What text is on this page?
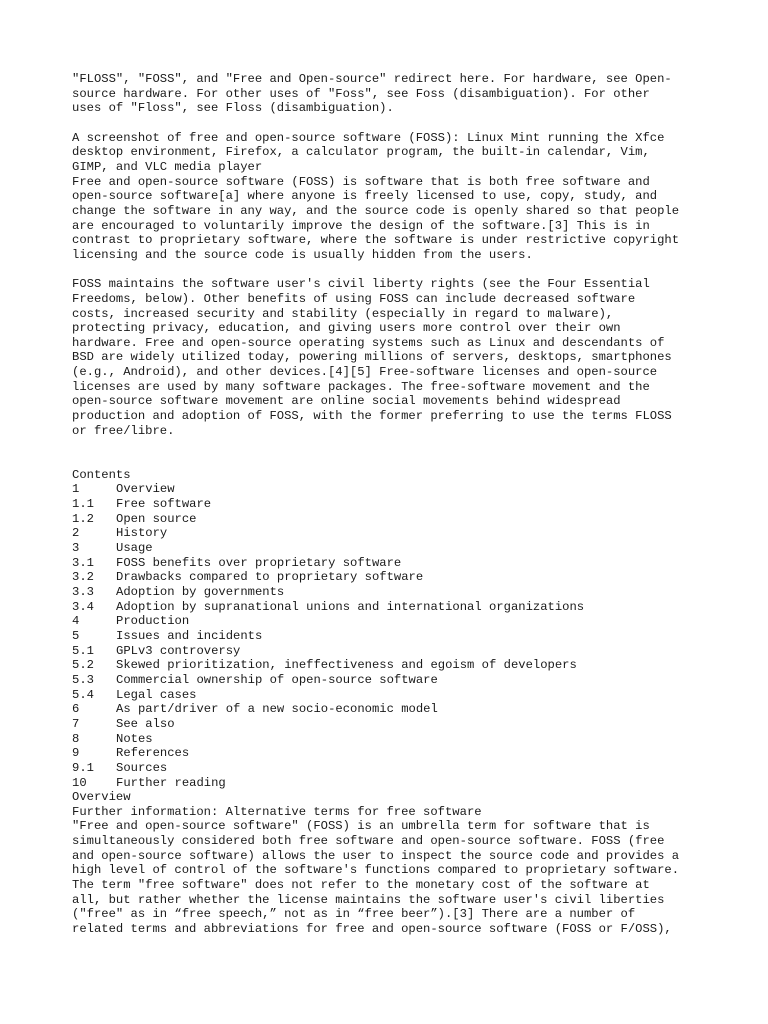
"FLOSS", "FOSS", and "Free and Open-source" redirect here. For hardware, see Open-
source hardware. For other uses of "Foss", see Foss (disambiguation). For other
uses of "Floss", see Floss (disambiguation).
A screenshot of free and open-source software (FOSS): Linux Mint running the Xfce
desktop environment, Firefox, a calculator program, the built-in calendar, Vim,
GIMP, and VLC media player
Free and open-source software (FOSS) is software that is both free software and
open-source software[a] where anyone is freely licensed to use, copy, study, and
change the software in any way, and the source code is openly shared so that people
are encouraged to voluntarily improve the design of the software.[3] This is in
contrast to proprietary software, where the software is under restrictive copyright
licensing and the source code is usually hidden from the users.
FOSS maintains the software user's civil liberty rights (see the Four Essential
Freedoms, below). Other benefits of using FOSS can include decreased software
costs, increased security and stability (especially in regard to malware),
protecting privacy, education, and giving users more control over their own
hardware. Free and open-source operating systems such as Linux and descendants of
BSD are widely utilized today, powering millions of servers, desktops, smartphones
(e.g., Android), and other devices.[4][5] Free-software licenses and open-source
licenses are used by many software packages. The free-software movement and the
open-source software movement are online social movements behind widespread
production and adoption of FOSS, with the former preferring to use the terms FLOSS
or free/libre.
Contents
1	Overview
1.1	Free software
1.2	Open source
2	History
3	Usage
3.1	FOSS benefits over proprietary software
3.2	Drawbacks compared to proprietary software
3.3	Adoption by governments
3.4	Adoption by supranational unions and international organizations
4	Production
5	Issues and incidents
5.1	GPLv3 controversy
5.2	Skewed prioritization, ineffectiveness and egoism of developers
5.3	Commercial ownership of open-source software
5.4	Legal cases
6	As part/driver of a new socio-economic model
7	See also
8	Notes
9	References
9.1	Sources
10	Further reading
Overview
Further information: Alternative terms for free software
"Free and open-source software" (FOSS) is an umbrella term for software that is
simultaneously considered both free software and open-source software. FOSS (free
and open-source software) allows the user to inspect the source code and provides a
high level of control of the software's functions compared to proprietary software.
The term "free software" does not refer to the monetary cost of the software at
all, but rather whether the license maintains the software user's civil liberties
("free" as in “free speech,” not as in “free beer”).[3] There are a number of
related terms and abbreviations for free and open-source software (FOSS or F/OSS),
